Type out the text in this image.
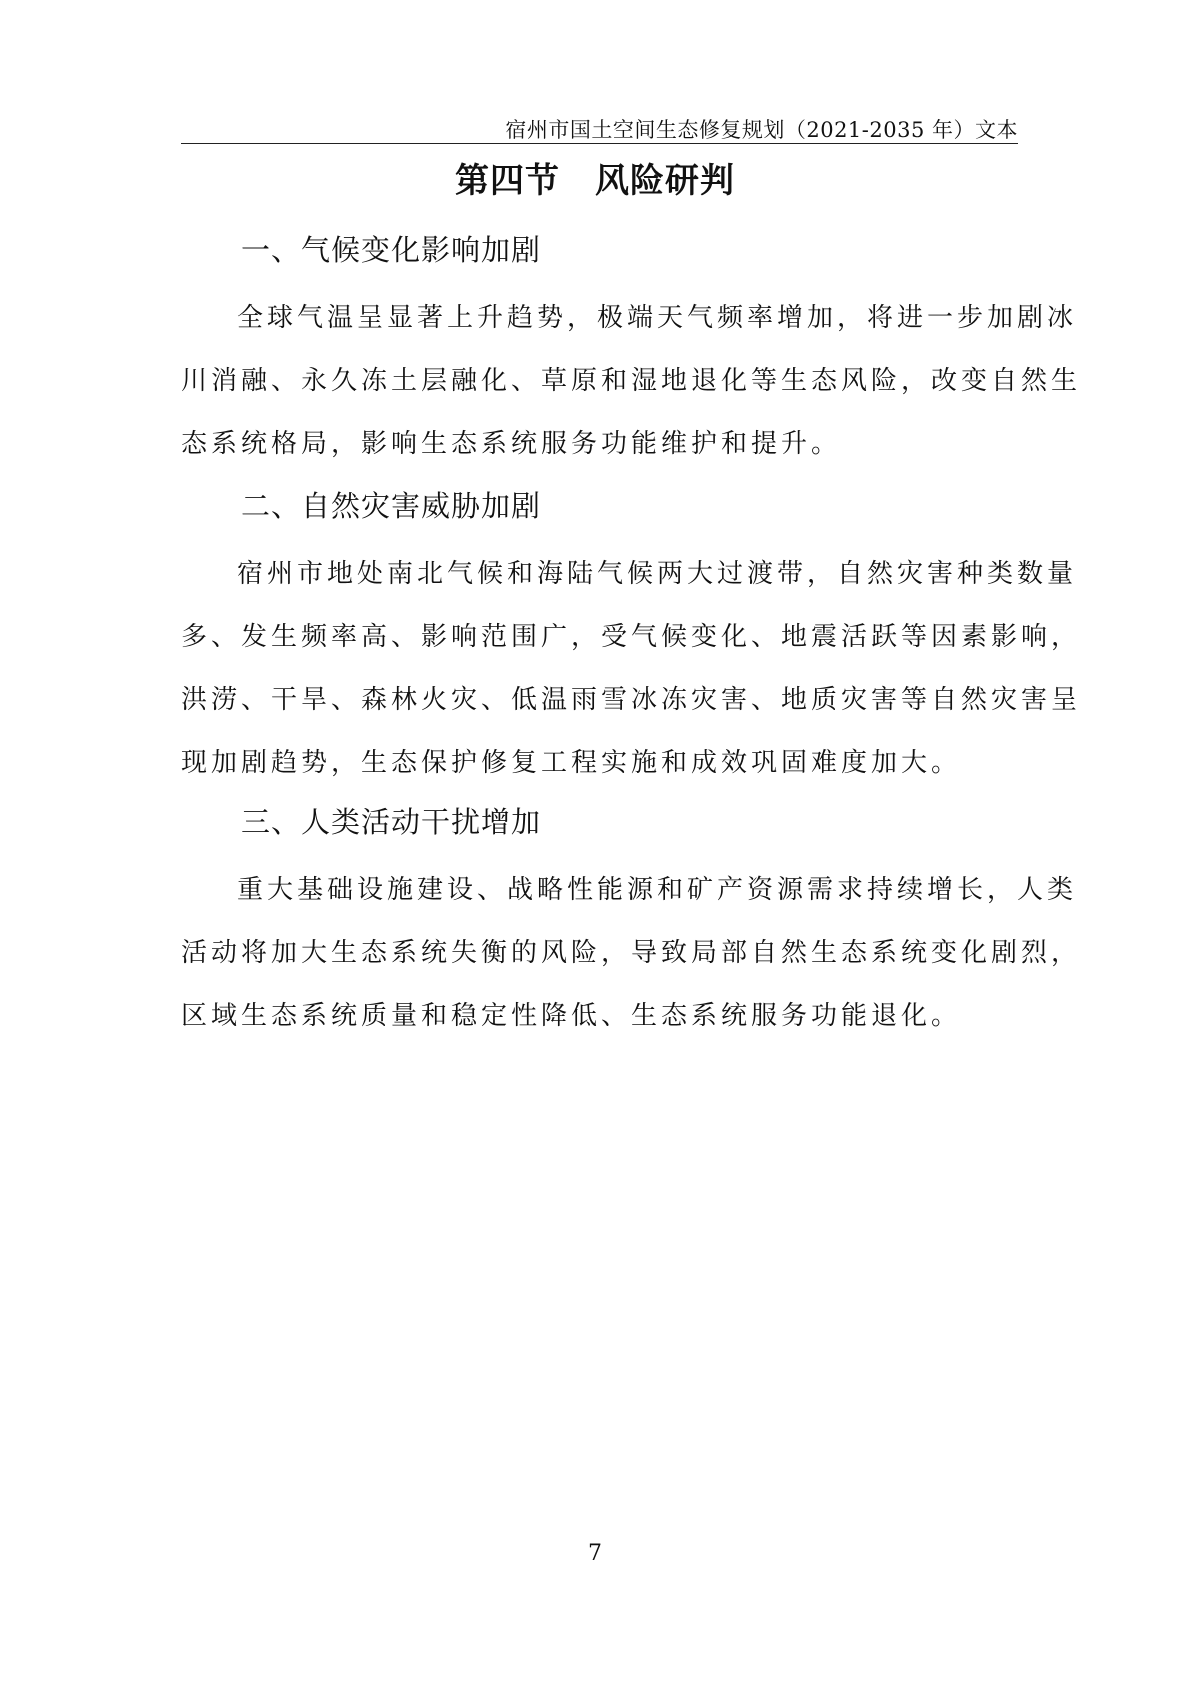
宿州市国土空间生态修复规划（2021-2035 年）文本
第四节　风险研判
一、气候变化影响加剧
全球气温呈显著上升趋势，极端天气频率增加，将进一步加剧冰
川消融、永久冻土层融化、草原和湿地退化等生态风险，改变自然生
态系统格局，影响生态系统服务功能维护和提升。
二、自然灾害威胁加剧
宿州市地处南北气候和海陆气候两大过渡带，自然灾害种类数量
多、发生频率高、影响范围广，受气候变化、地震活跃等因素影响，
洪涝、干旱、森林火灾、低温雨雪冰冻灾害、地质灾害等自然灾害呈
现加剧趋势，生态保护修复工程实施和成效巩固难度加大。
三、人类活动干扰增加
重大基础设施建设、战略性能源和矿产资源需求持续增长，人类
活动将加大生态系统失衡的风险，导致局部自然生态系统变化剧烈，
区域生态系统质量和稳定性降低、生态系统服务功能退化。
7
